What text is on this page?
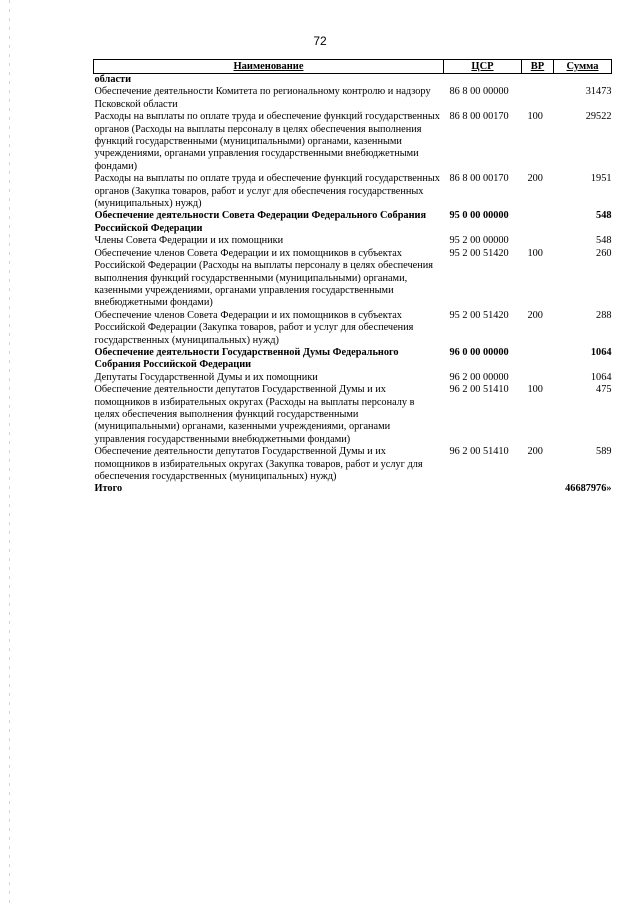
72
Наименование	ЦСР	ВР	Сумма
области			
Обеспечение деятельности Комитета по региональному контролю и надзору Псковской области	86 8 00 00000		31473
Расходы на выплаты по оплате труда и обеспечение функций государственных органов (Расходы на выплаты персоналу в целях обеспечения выполнения функций государственными (муниципальными) органами, казенными учреждениями, органами управления государственными внебюджетными фондами)	86 8 00 00170	100	29522
Расходы на выплаты по оплате труда и обеспечение функций государственных органов (Закупка товаров, работ и услуг для обеспечения государственных (муниципальных) нужд)	86 8 00 00170	200	1951
Обеспечение деятельности Совета Федерации Федерального Собрания Российской Федерации	95 0 00 00000		548
Члены Совета Федерации и их помощники	95 2 00 00000		548
Обеспечение членов Совета Федерации и их помощников в субъектах Российской Федерации (Расходы на выплаты персоналу в целях обеспечения выполнения функций государственными (муниципальными) органами, казенными учреждениями, органами управления государственными внебюджетными фондами)	95 2 00 51420	100	260
Обеспечение членов Совета Федерации и их помощников в субъектах Российской Федерации (Закупка товаров, работ и услуг для обеспечения государственных (муниципальных) нужд)	95 2 00 51420	200	288
Обеспечение деятельности Государственной Думы Федерального Собрания Российской Федерации	96 0 00 00000		1064
Депутаты Государственной Думы и их помощники	96 2 00 00000		1064
Обеспечение деятельности депутатов Государственной Думы и их помощников в избирательных округах (Расходы на выплаты персоналу в целях обеспечения выполнения функций государственными (муниципальными) органами, казенными учреждениями, органами управления государственными внебюджетными фондами)	96 2 00 51410	100	475
Обеспечение деятельности депутатов Государственной Думы и их помощников в избирательных округах (Закупка товаров, работ и услуг для обеспечения государственных (муниципальных) нужд)	96 2 00 51410	200	589
Итого			46687976»
